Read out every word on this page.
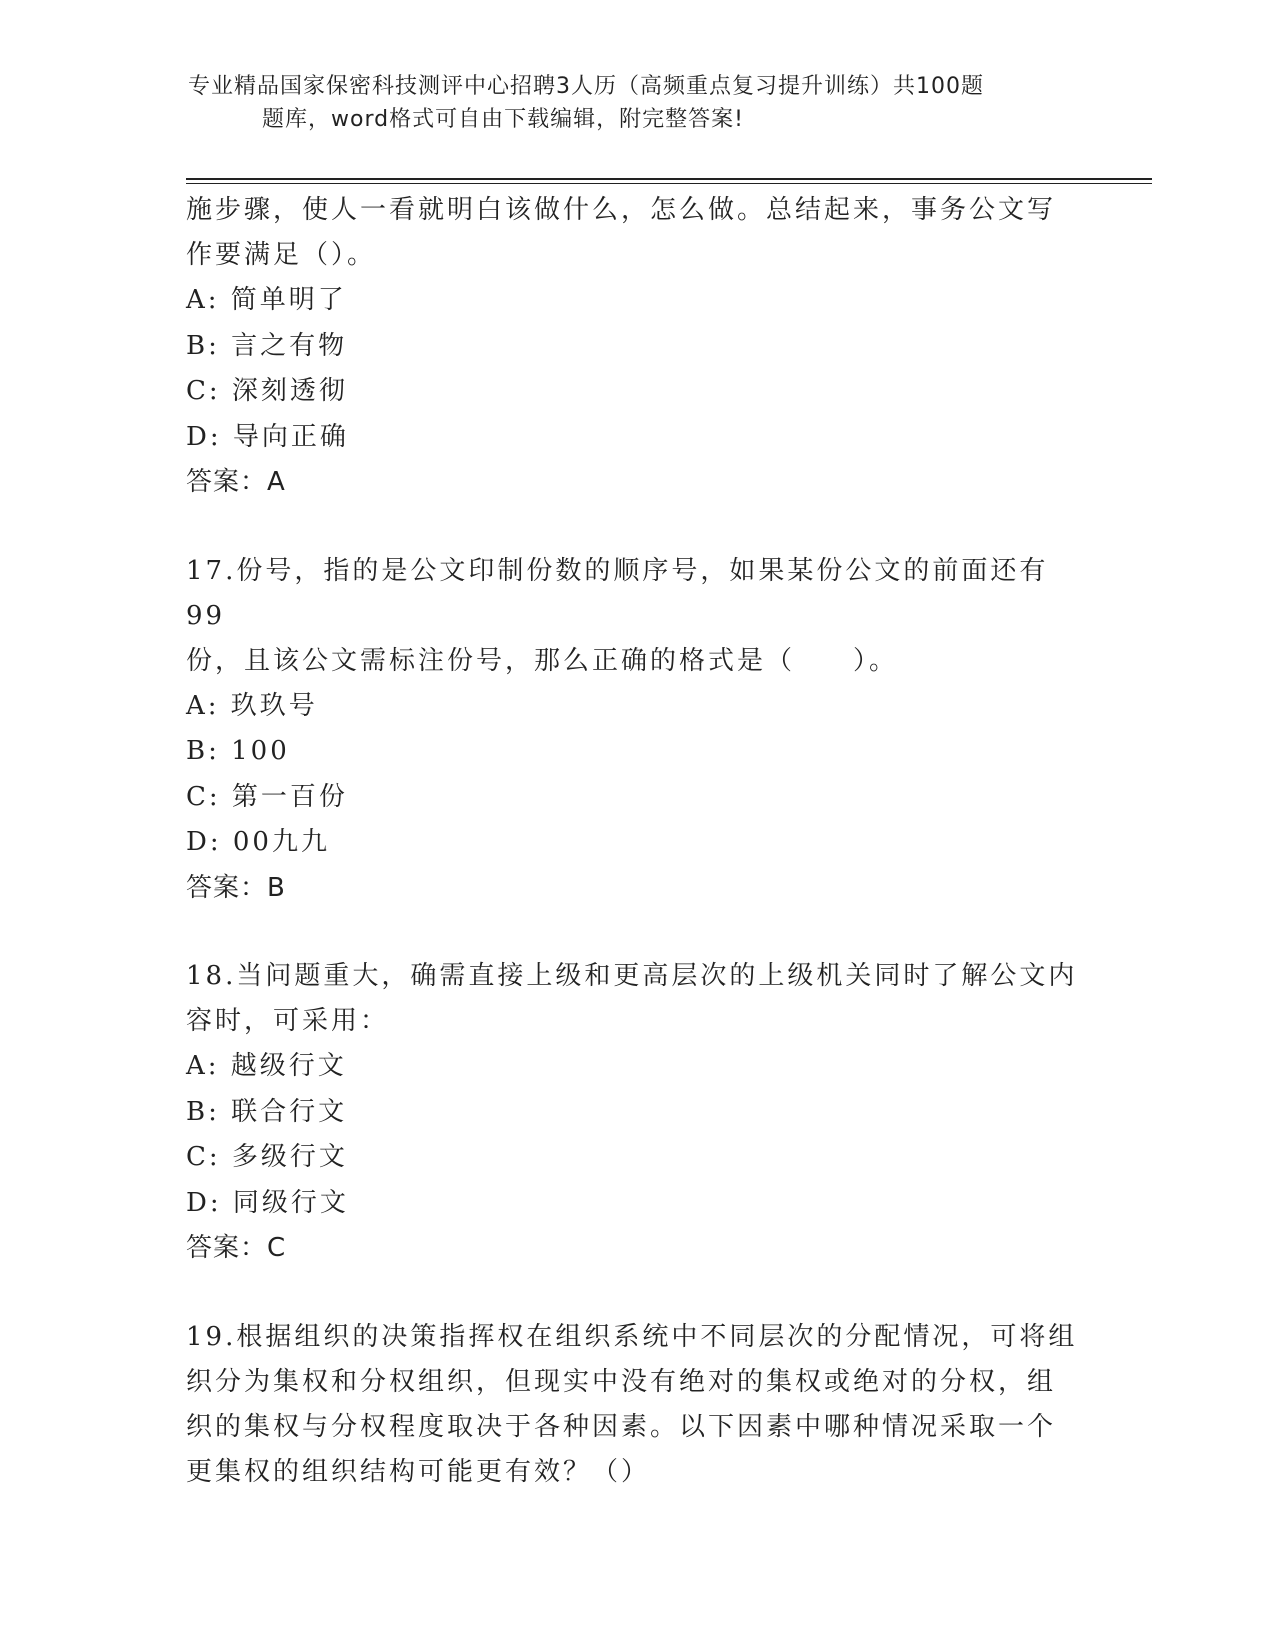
专业精品国家保密科技测评中心招聘3人历（高频重点复习提升训练）共100题
题库，word格式可自由下载编辑，附完整答案!
施步骤，使人一看就明白该做什么，怎么做。总结起来，事务公文写
作要满足（）。
A: 简单明了
B: 言之有物
C: 深刻透彻
D: 导向正确
答案：A
17.份号，指的是公文印制份数的顺序号，如果某份公文的前面还有99
份，且该公文需标注份号，那么正确的格式是（　　）。
A: 玖玖号
B: 100
C: 第一百份
D: 00九九
答案：B
18.当问题重大，确需直接上级和更高层次的上级机关同时了解公文内
容时，可采用：
A: 越级行文
B: 联合行文
C: 多级行文
D: 同级行文
答案：C
19.根据组织的决策指挥权在组织系统中不同层次的分配情况，可将组
织分为集权和分权组织，但现实中没有绝对的集权或绝对的分权，组
织的集权与分权程度取决于各种因素。以下因素中哪种情况采取一个
更集权的组织结构可能更有效？（）
